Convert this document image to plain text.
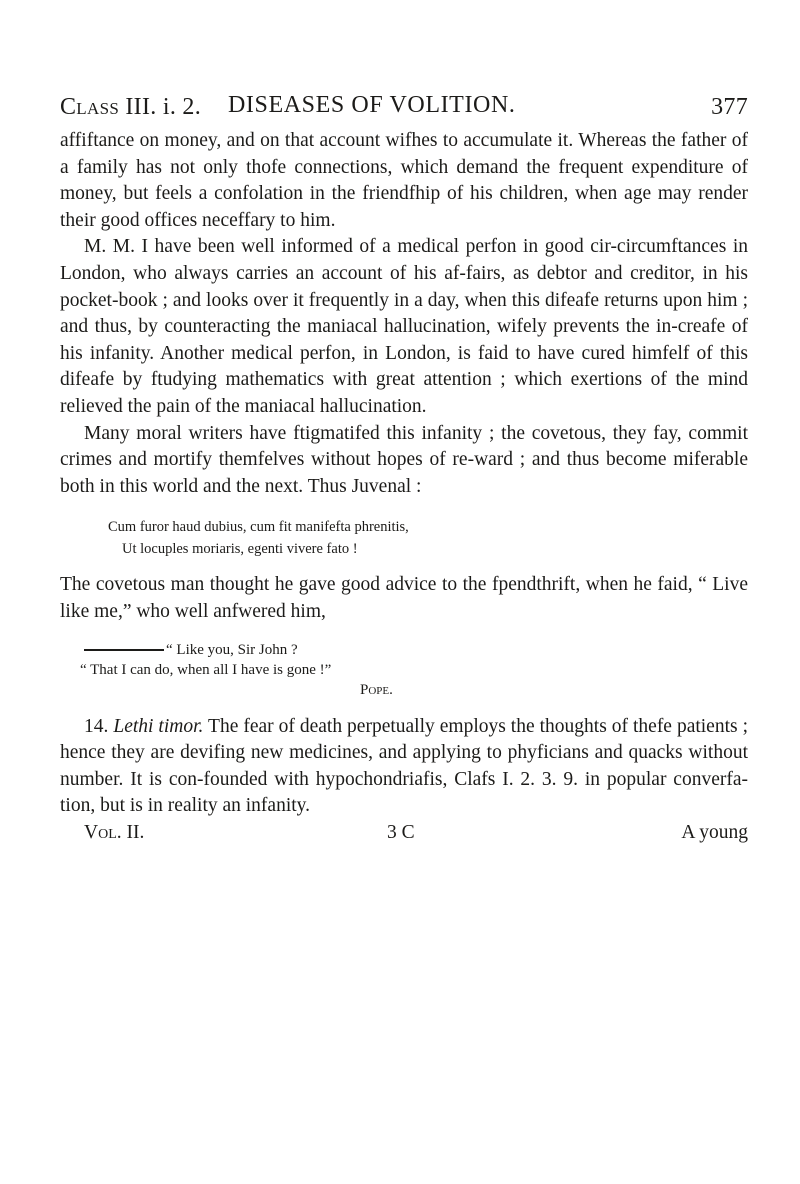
Class III. i. 2. DISEASES OF VOLITION.	377

affiftance on money, and on that account wifhes to accumulate it. Whereas the father of a family has not only thofe connections, which demand the frequent expenditure of money, but feels a confolation in the friendfhip of his children, when age may render their good offices neceffary to him.

M. M. I have been well informed of a medical perfon in good cir-circumftances in London, who always carries an account of his af-fairs, as debtor and creditor, in his pocket-book ; and looks over it frequently in a day, when this difeafe returns upon him ; and thus, by counteracting the maniacal hallucination, wifely prevents the in-creafe of his infanity. Another medical perfon, in London, is faid to have cured himfelf of this difeafe by ftudying mathematics with great attention ; which exertions of the mind relieved the pain of the maniacal hallucination.

Many moral writers have ftigmatifed this infanity ; the covetous, they fay, commit crimes and mortify themfelves without hopes of re-ward ; and thus become miferable both in this world and the next. Thus Juvenal :

Cum furor haud dubius, cum fit manifefta phrenitis,
Ut locuples moriaris, egenti vivere fato !

The covetous man thought he gave good advice to the fpendthrift, when he faid, “ Live like me,” who well anfwered him,

“ Like you, Sir John ?
“ That I can do, when all I have is gone !”
Pope.

14. Lethi timor. The fear of death perpetually employs the thoughts of thefe patients ; hence they are devifing new medicines, and applying to phyficians and quacks without number. It is con-founded with hypochondriafis, Clafs I. 2. 3. 9. in popular converfa-tion, but is in reality an infanity.

Vol. II.	3 C	A young
